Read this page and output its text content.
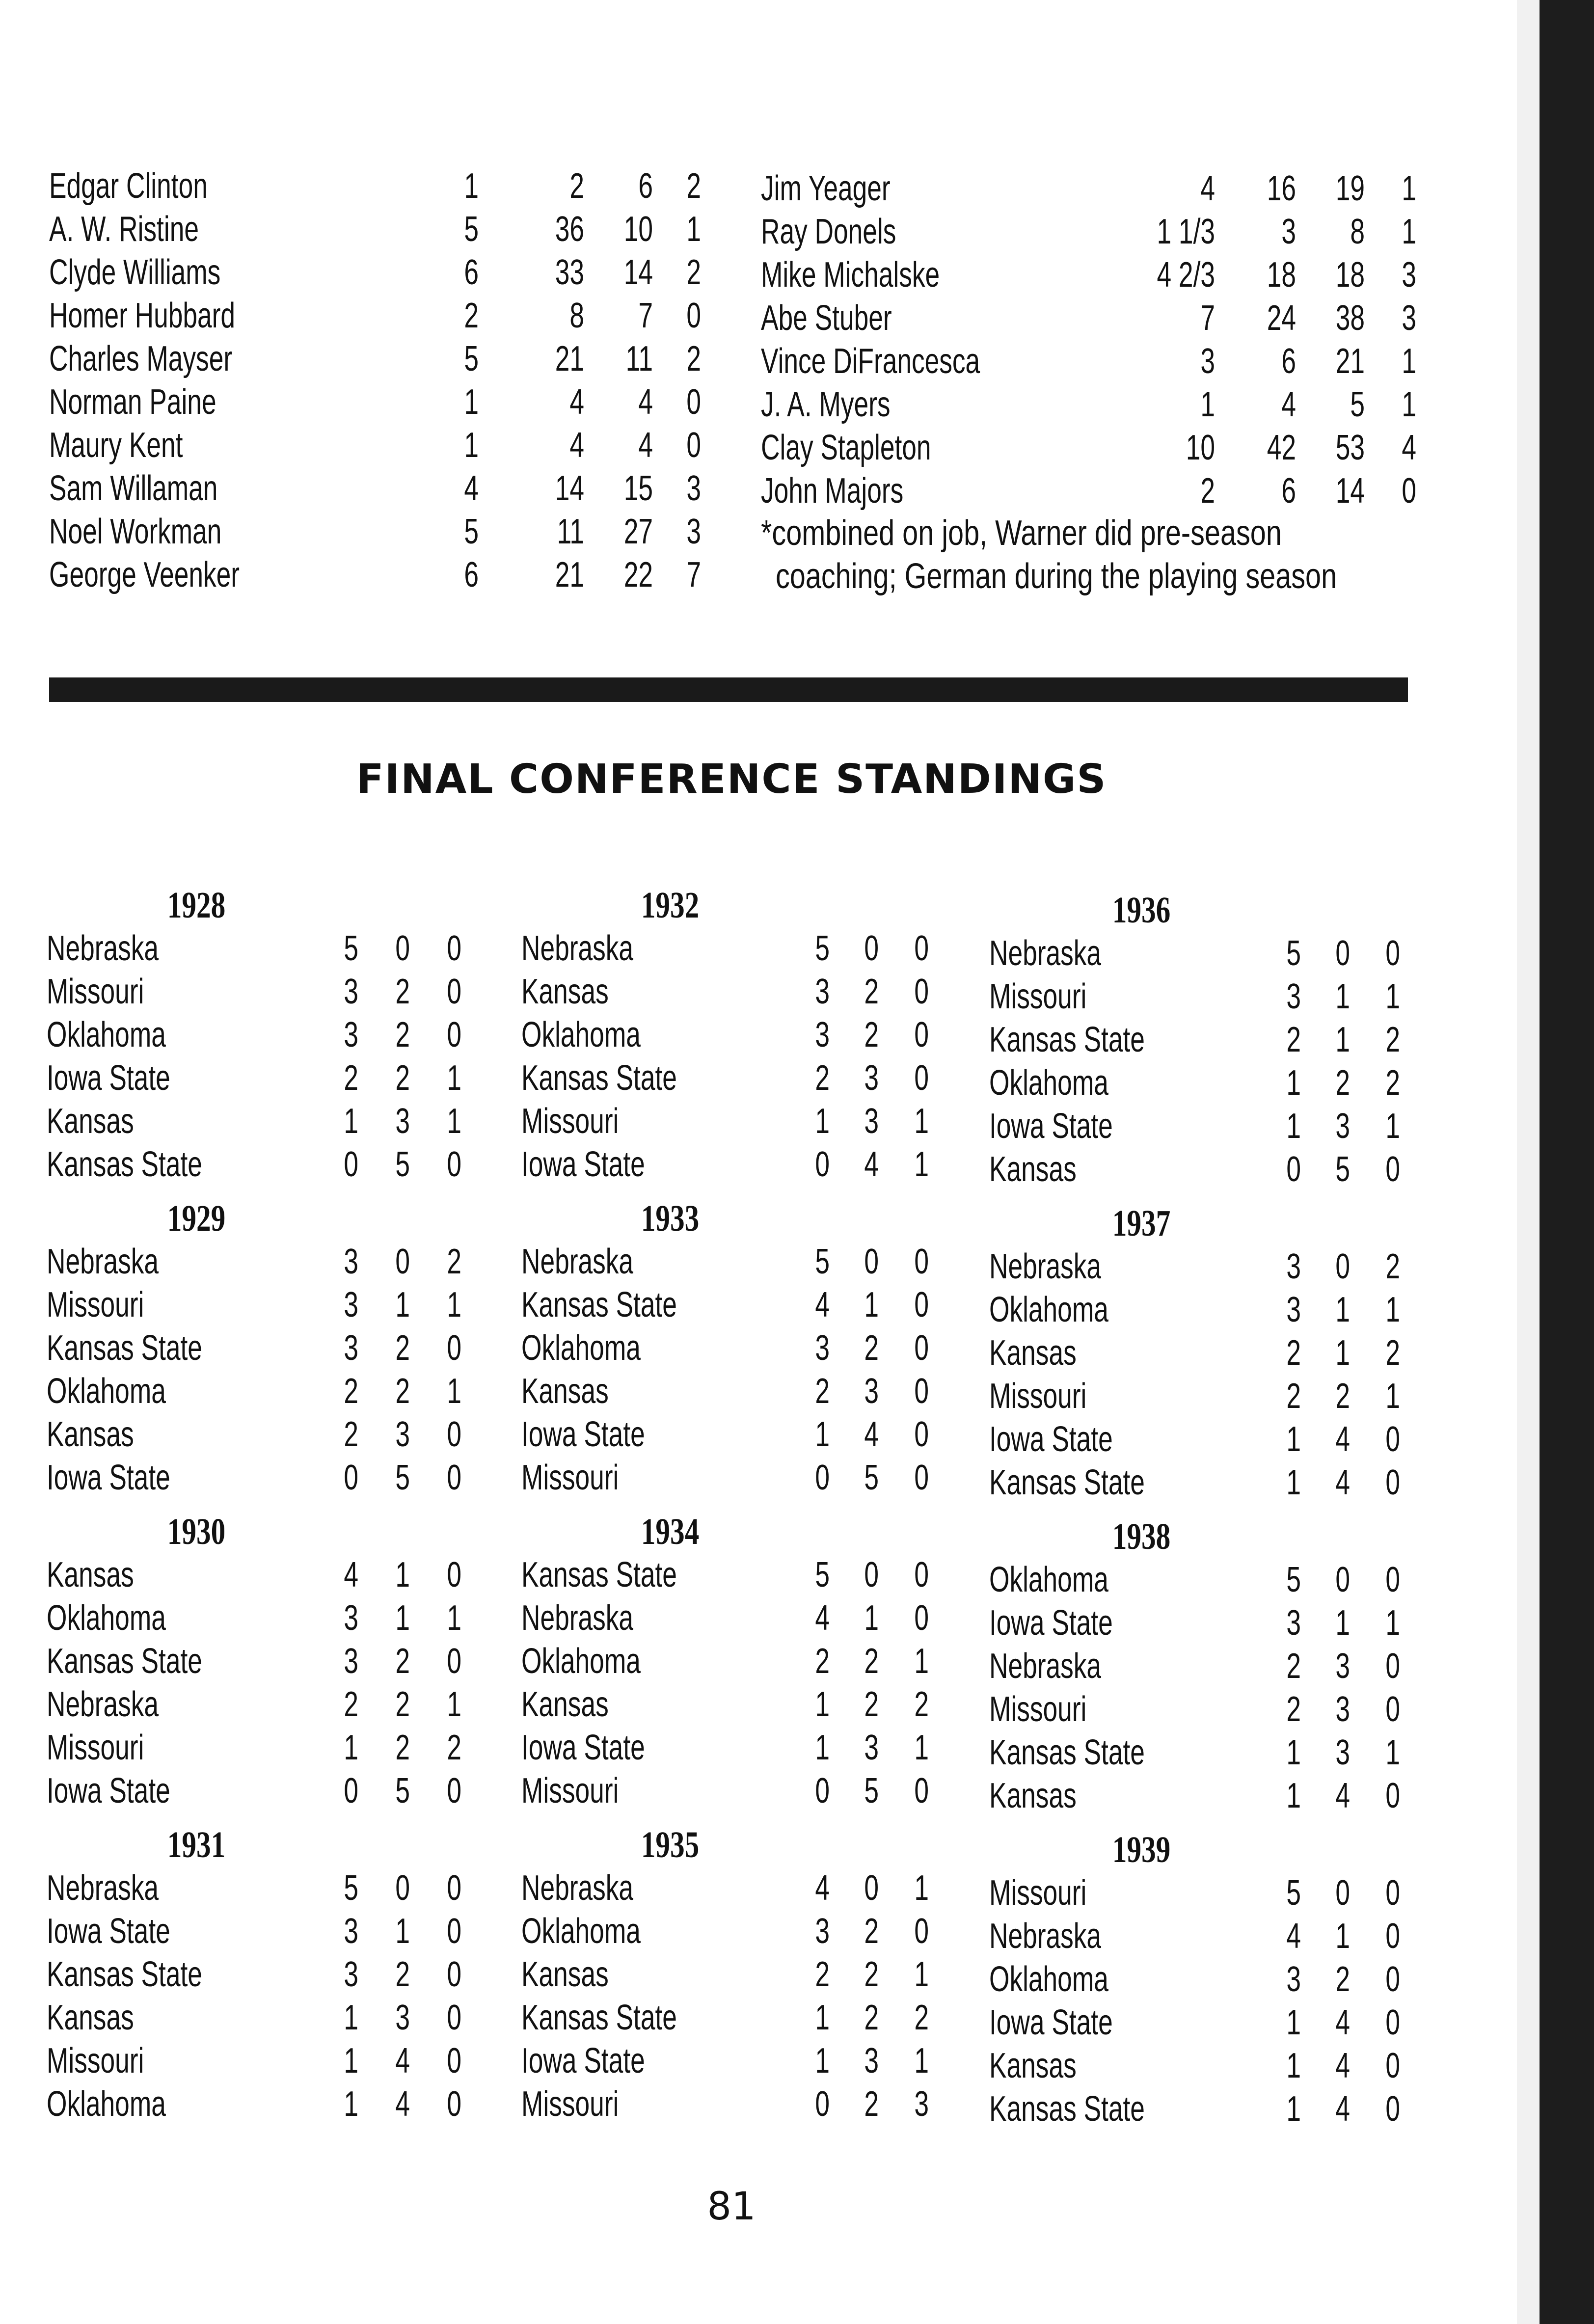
Edgar Clinton	1	2	6 2
A. W. Ristine	5	36	10 1
Clyde Williams	6	33	14 2
Homer Hubbard	2	8	7 0
Charles Mayser	5	21	11 2
Norman Paine	1	4	4 0
Maury Kent	1	4	4 0
Sam Willaman	4	14	15 3
Noel Workman	5	11	27 3
George Veenker	6	21	22 7
Jim Yeager	4	16	19	1
Ray Donels	1 1/3	3	8	1
Mike Michalske	4 2/3	18	18	3
Abe Stuber	7	24	38	3
Vince DiFrancesca	3	6	21	1
J. A. Myers	1	4	5	1
Clay Stapleton	10	42	53	4
John Majors	2	6	14	0
*combined on job, Warner did pre-season
coaching; German during the playing season
FINAL CONFERENCE STANDINGS
1928
Nebraska	5	0	0
Missouri	3	2	0
Oklahoma	3	2	0
Iowa State	2	2	1
Kansas	1	3	1
Kansas State	0	5	0
1929
Nebraska	3	0	2
Missouri	3	1	1
Kansas State	3	2	0
Oklahoma	2	2	1
Kansas	2	3	0
Iowa State	0	5	0
1930
Kansas	4	1	0
Oklahoma	3	1	1
Kansas State	3	2	0
Nebraska	2	2	1
Missouri	1	2	2
Iowa State	0	5	0
1931
Nebraska	5	0	0
Iowa State	3	1	0
Kansas State	3	2	0
Kansas	1	3	0
Missouri	1	4	0
Oklahoma	1	4	0
1932
Nebraska	5 0	0
Kansas	3 2	0
Oklahoma	3 2	0
Kansas State	2 3	0
Missouri	1 3	1
Iowa State	0 4	1
1933
Nebraska	5 0	0
Kansas State	4 1	0
Oklahoma	3 2	0
Kansas	2 3	0
Iowa State	1 4	0
Missouri	0 5	0
1934
Kansas State	5 0	0
Nebraska	4 1	0
Oklahoma	2 2	1
Kansas	1 2	2
Iowa State	1 3	1
Missouri	0 5	0
1935
Nebraska	4 0	1
Oklahoma	3 2	0
Kansas	2 2	1
Kansas State	1 2	2
Iowa State	1 3	1
Missouri	0 2	3
1936
Nebraska	5 0	0
Missouri	3 1	1
Kansas State	2 1	2
Oklahoma	1 2	2
Iowa State	1 3	1
Kansas	0 5	0
1937
Nebraska	3 0	2
Oklahoma	3 1	1
Kansas	2 1	2
Missouri	2 2	1
Iowa State	1 4	0
Kansas State	1 4	0
1938
Oklahoma	5 0	0
Iowa State	3 1	1
Nebraska	2 3	0
Missouri	2 3	0
Kansas State	1 3	1
Kansas	1 4	0
1939
Missouri	5 0	0
Nebraska	4 1	0
Oklahoma	3 2	0
Iowa State	1 4	0
Kansas	1 4	0
Kansas State	1 4	0
81
